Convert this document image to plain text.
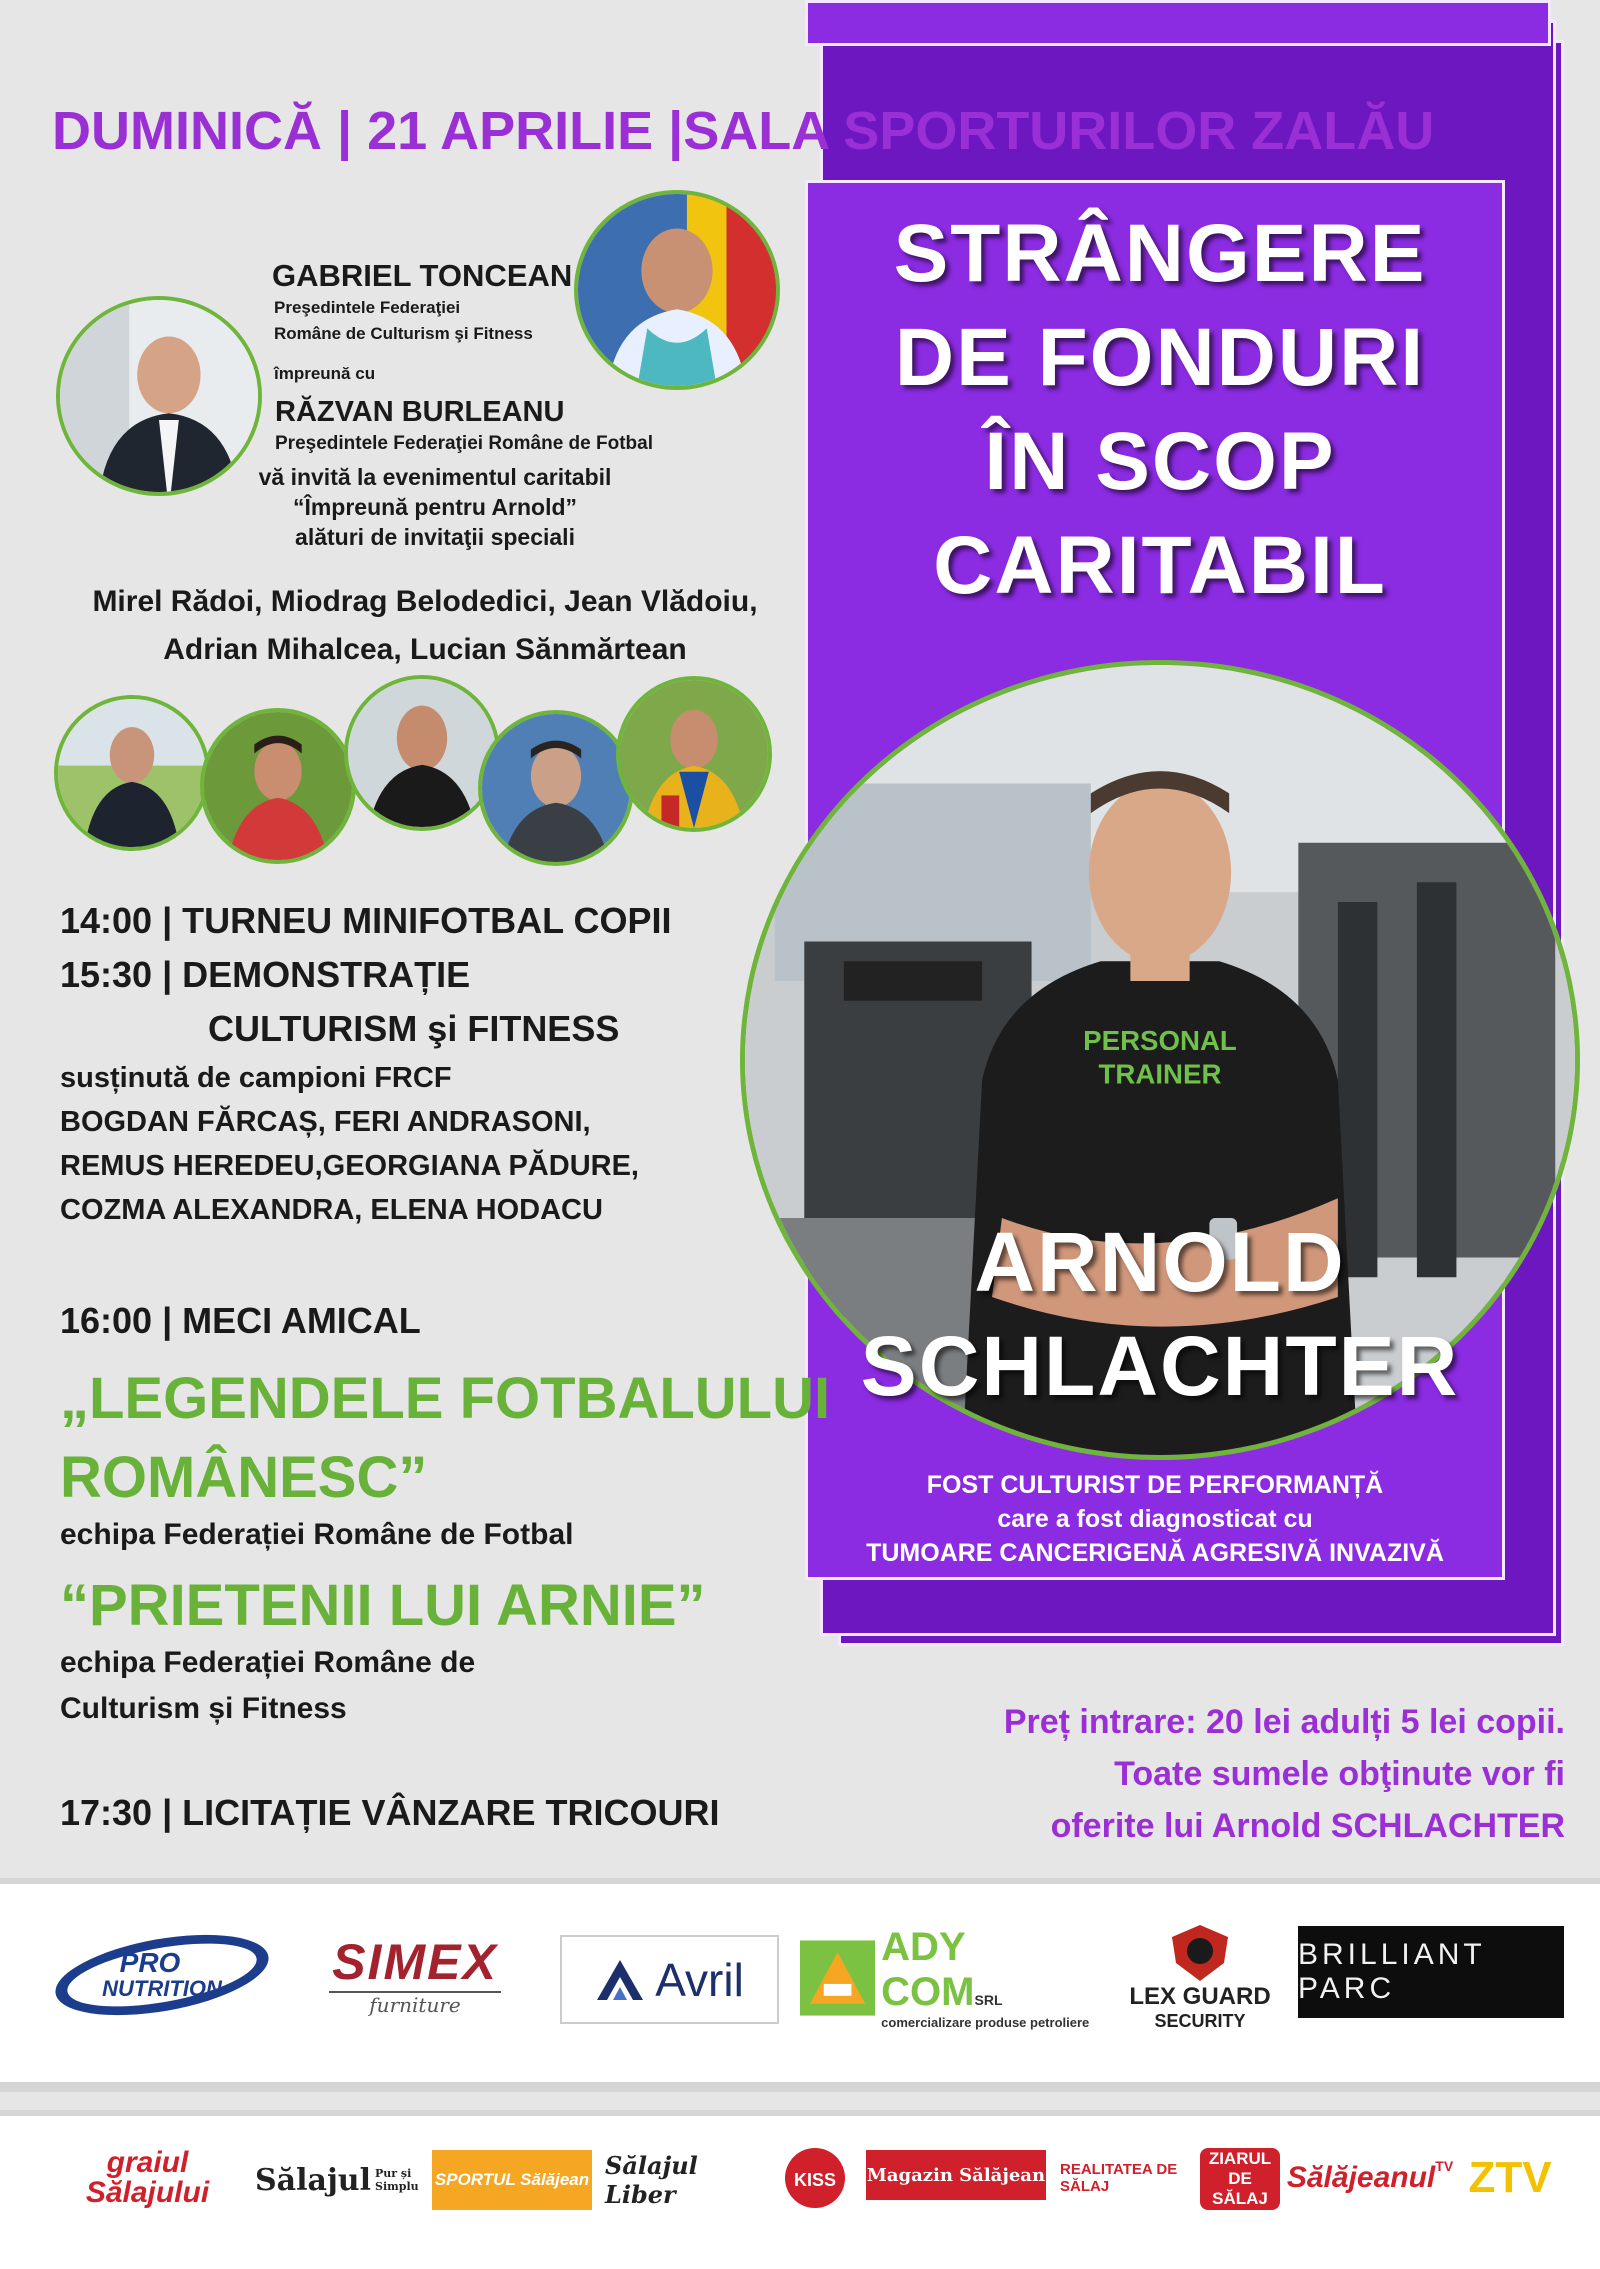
DUMINICĂ | 21 APRILIE |SALA SPORTURILOR ZALĂU
STRÂNGERE
DE FONDURI
ÎN SCOP
CARITABIL
PERSONAL
TRAINER
ARNOLD
SCHLACHTER
FOST CULTURIST DE PERFORMANȚĂ
care a fost diagnosticat cu
TUMOARE CANCERIGENĂ AGRESIVĂ INVAZIVĂ
GABRIEL TONCEAN
Preşedintele Federaţiei
Române de Culturism şi Fitness
împreună cu
RĂZVAN BURLEANU
Preşedintele Federaţiei Române de Fotbal
vă invită la evenimentul caritabil
“Împreună pentru Arnold”
alături de invitaţii speciali
Mirel Rădoi, Miodrag Belodedici, Jean Vlădoiu,
Adrian Mihalcea, Lucian Sănmărtean
14:00 | TURNEU MINIFOTBAL COPII
15:30 | DEMONSTRAȚIE
CULTURISM şi FITNESS
susținută de campioni FRCF
BOGDAN FĂRCAȘ, FERI ANDRASONI,
REMUS HEREDEU,GEORGIANA PĂDURE,
COZMA ALEXANDRA, ELENA HODACU
16:00 | MECI AMICAL
„LEGENDELE FOTBALULUI
ROMÂNESC”
echipa Federației Române de Fotbal
“PRIETENII LUI ARNIE”
echipa Federației Române de
Culturism și Fitness
17:30 | LICITAȚIE VÂNZARE TRICOURI
Preț intrare: 20 lei adulți 5 lei copii.
Toate sumele obţinute vor fi
oferite lui Arnold SCHLACHTER
PRO
NUTRITION SIMEX
furniture	Avril
ADY COMSRL
comercializare produse petroliere
LEX GUARD
SECURITY
BRILLIANT PARC
graiul
Sălajului Sălajul Pur și Simplu SPORTUL Sălăjean Sălajul Liber	KISS Magazin Sălăjean REALITATEA DE SĂLAJ
ZIARUL DE SĂLAJ
Sălăjeanul TV ZTV
